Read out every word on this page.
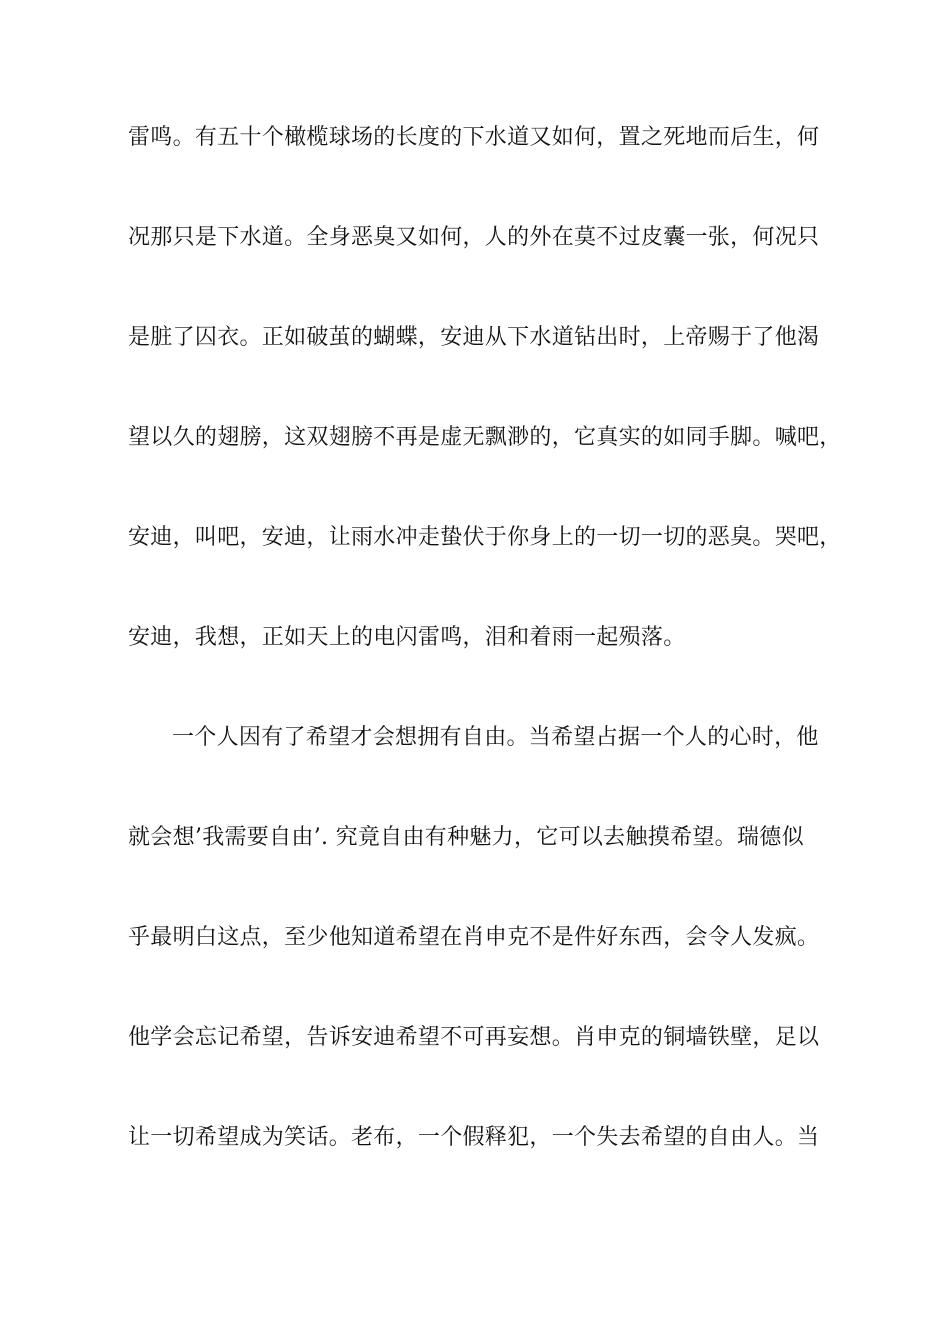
雷鸣。有五十个橄榄球场的长度的下水道又如何，置之死地而后生，何
况那只是下水道。全身恶臭又如何，人的外在莫不过皮囊一张，何况只
是脏了囚衣。正如破茧的蝴蝶，安迪从下水道钻出时，上帝赐于了他渴
望以久的翅膀，这双翅膀不再是虚无飘渺的，它真实的如同手脚。喊吧，
安迪，叫吧，安迪，让雨水冲走蛰伏于你身上的一切一切的恶臭。哭吧，
安迪，我想，正如天上的电闪雷鸣，泪和着雨一起殒落。
一个人因有了希望才会想拥有自由。当希望占据一个人的心时，他
就会想’我需要自由’. 究竟自由有种魅力，它可以去触摸希望。瑞德似
乎最明白这点，至少他知道希望在肖申克不是件好东西，会令人发疯。
他学会忘记希望，告诉安迪希望不可再妄想。肖申克的铜墙铁壁，足以
让一切希望成为笑话。老布，一个假释犯，一个失去希望的自由人。当
